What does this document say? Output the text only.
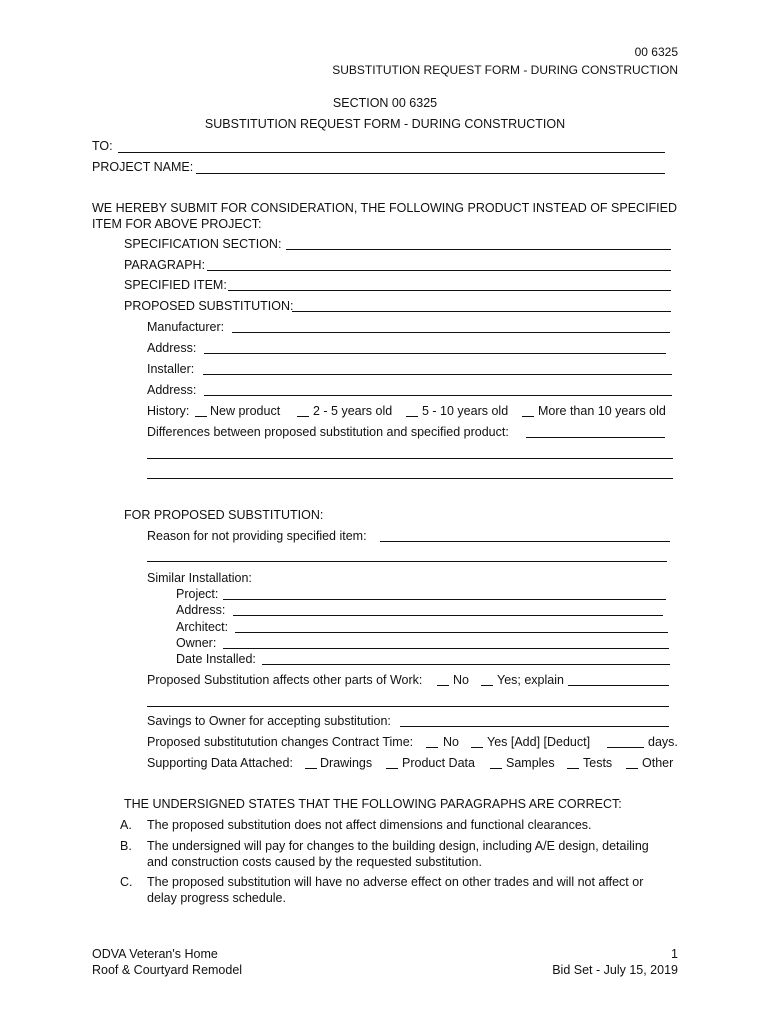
00 6325
SUBSTITUTION REQUEST FORM - DURING CONSTRUCTION
SECTION 00 6325
SUBSTITUTION REQUEST FORM - DURING CONSTRUCTION
TO:
PROJECT NAME:
WE HEREBY SUBMIT FOR CONSIDERATION, THE FOLLOWING PRODUCT INSTEAD OF SPECIFIED
ITEM FOR ABOVE PROJECT:
SPECIFICATION SECTION:
PARAGRAPH:
SPECIFIED ITEM:
PROPOSED SUBSTITUTION:
Manufacturer:
Address:
Installer:
Address:
History: New product	2 - 5 years old 5 - 10 years old More than 10 years old
Differences between proposed substitution and specified product:
FOR PROPOSED SUBSTITUTION:
Reason for not providing specified item:
Similar Installation:
Project:
Address:
Architect:
Owner:
Date Installed:
Proposed Substitution affects other parts of Work: No Yes; explain
Savings to Owner for accepting substitution:
Proposed substitutution changes Contract Time: No Yes [Add] [Deduct]	days.
Supporting Data Attached: Drawings Product Data Samples Tests Other
THE UNDERSIGNED STATES THAT THE FOLLOWING PARAGRAPHS ARE CORRECT:
A. The proposed substitution does not affect dimensions and functional clearances.
B. The undersigned will pay for changes to the building design, including A/E design, detailing
and construction costs caused by the requested substitution.
C. The proposed substitution will have no adverse effect on other trades and will not affect or
delay progress schedule.
ODVA Veteran's Home
Roof & Courtyard Remodel
1
Bid Set - July 15, 2019
